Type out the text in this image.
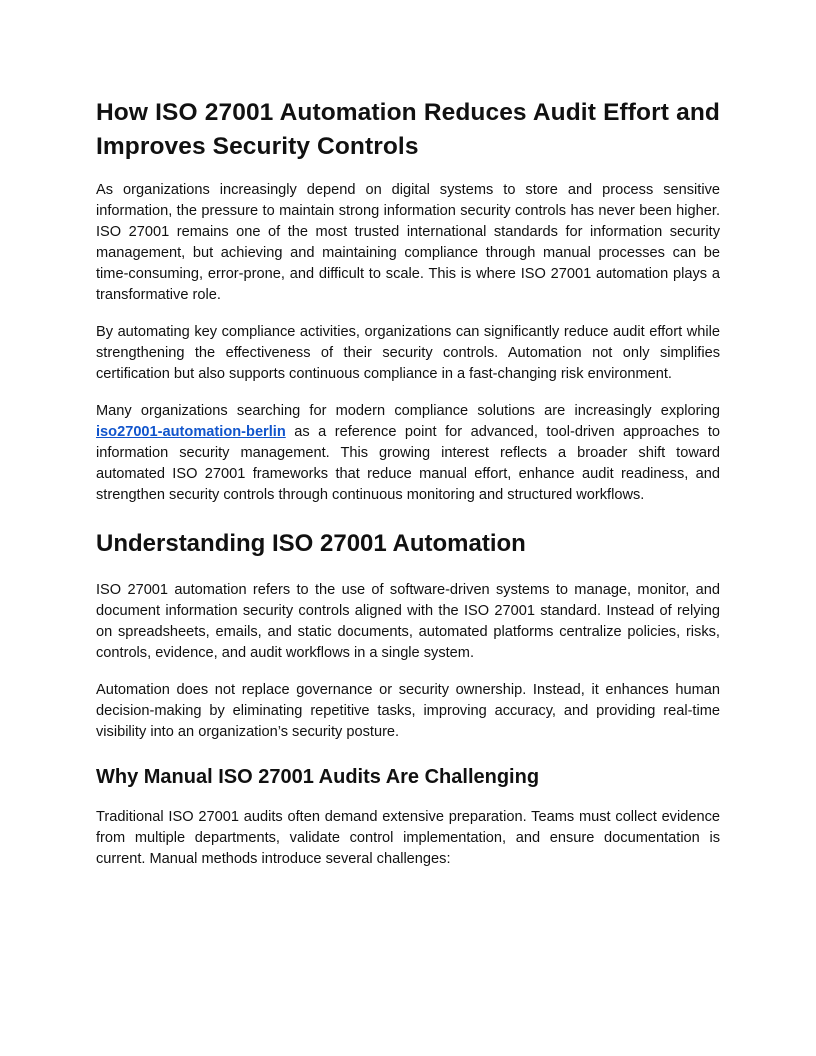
How ISO 27001 Automation Reduces Audit Effort and Improves Security Controls

As organizations increasingly depend on digital systems to store and process sensitive information, the pressure to maintain strong information security controls has never been higher. ISO 27001 remains one of the most trusted international standards for information security management, but achieving and maintaining compliance through manual processes can be time-consuming, error-prone, and difficult to scale. This is where ISO 27001 automation plays a transformative role.

By automating key compliance activities, organizations can significantly reduce audit effort while strengthening the effectiveness of their security controls. Automation not only simplifies certification but also supports continuous compliance in a fast-changing risk environment.

Many organizations searching for modern compliance solutions are increasingly exploring iso27001-automation-berlin as a reference point for advanced, tool-driven approaches to information security management. This growing interest reflects a broader shift toward automated ISO 27001 frameworks that reduce manual effort, enhance audit readiness, and strengthen security controls through continuous monitoring and structured workflows.

Understanding ISO 27001 Automation

ISO 27001 automation refers to the use of software-driven systems to manage, monitor, and document information security controls aligned with the ISO 27001 standard. Instead of relying on spreadsheets, emails, and static documents, automated platforms centralize policies, risks, controls, evidence, and audit workflows in a single system.

Automation does not replace governance or security ownership. Instead, it enhances human decision-making by eliminating repetitive tasks, improving accuracy, and providing real-time visibility into an organization’s security posture.

Why Manual ISO 27001 Audits Are Challenging

Traditional ISO 27001 audits often demand extensive preparation. Teams must collect evidence from multiple departments, validate control implementation, and ensure documentation is current. Manual methods introduce several challenges:
